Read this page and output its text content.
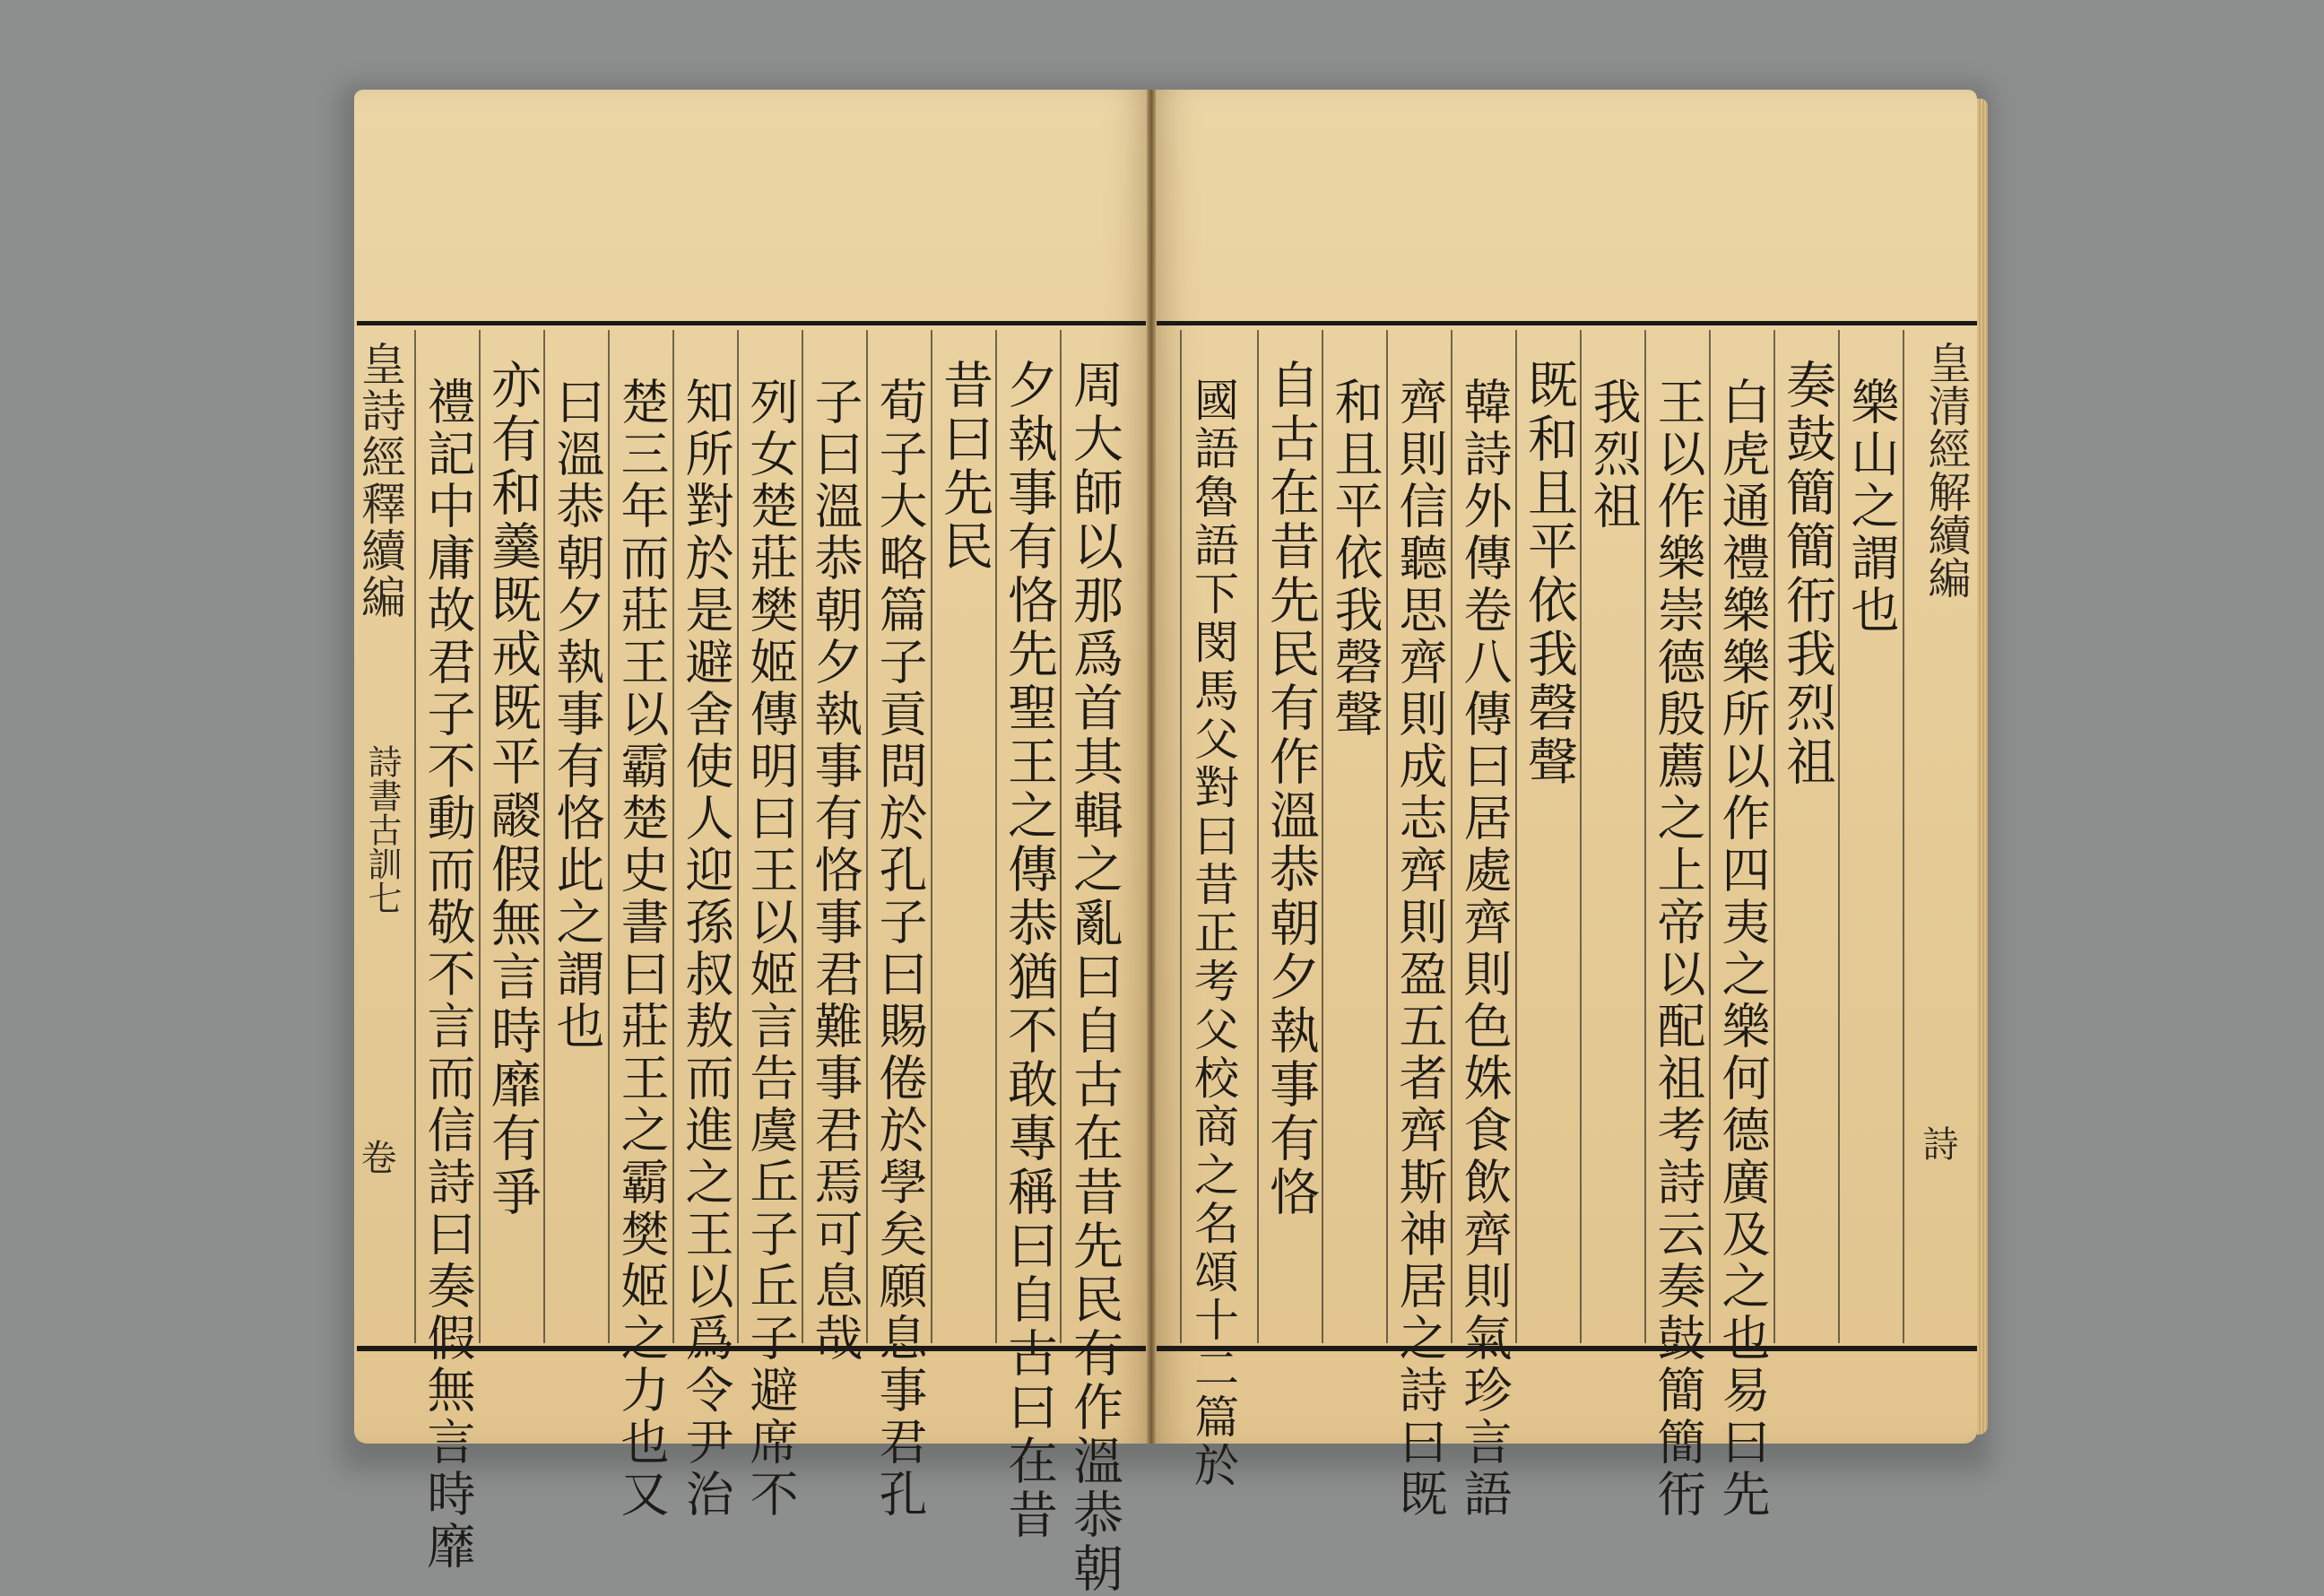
皇詩經釋續編
詩書古訓七
卷	周大師以那爲首其輯之亂曰自古在昔先民有作溫恭朝
夕執事有恪先聖王之傳恭猶不敢專稱曰自古曰在昔
昔曰先民
荀子大略篇子貢問於孔子曰賜倦於學矣願息事君孔
子曰溫恭朝夕執事有恪事君難事君焉可息哉
列女楚莊樊姬傳明曰王以姬言告虞丘子丘子避席不
知所對於是避舍使人迎孫叔敖而進之王以爲令尹治
楚三年而莊王以霸楚史書曰莊王之霸樊姬之力也又
曰溫恭朝夕執事有恪此之謂也
亦有和羹既戒既平鬷假無言時靡有爭
禮記中庸故君子不動而敬不言而信詩曰奏假無言時靡	皇清經解續編
詩
樂山之謂也
奏鼓簡簡衎我烈祖
白虎通禮樂樂所以作四夷之樂何德廣及之也易曰先
王以作樂崇德殷薦之上帝以配祖考詩云奏鼓簡簡衎
我烈祖
既和且平依我磬聲
韓詩外傳卷八傳曰居處齊則色姝食飲齊則氣珍言語
齊則信聽思齊則成志齊則盈五者齊斯神居之詩曰既
和且平依我磬聲
自古在昔先民有作溫恭朝夕執事有恪
國語魯語下閔馬父對曰昔正考父校商之名頌十二篇於
